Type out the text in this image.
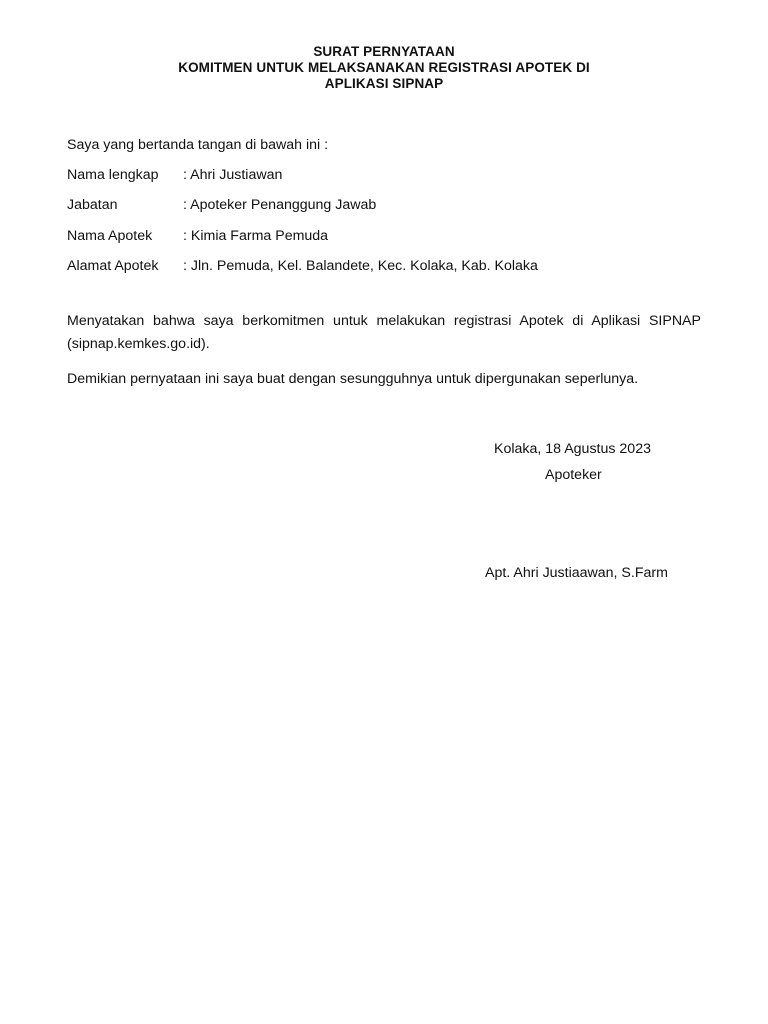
SURAT PERNYATAAN
KOMITMEN UNTUK MELAKSANAKAN REGISTRASI APOTEK DI
APLIKASI SIPNAP
Saya yang bertanda tangan di bawah ini :
Nama lengkap : Ahri Justiawan
Jabatan	: Apoteker Penanggung Jawab
Nama Apotek : Kimia Farma Pemuda
Alamat Apotek : Jln. Pemuda, Kel. Balandete, Kec. Kolaka, Kab. Kolaka
Menyatakan bahwa saya berkomitmen untuk melakukan registrasi Apotek di Aplikasi SIPNAP (sipnap.kemkes.go.id).
Demikian pernyataan ini saya buat dengan sesungguhnya untuk dipergunakan seperlunya.
Kolaka, 18 Agustus 2023
Apoteker
Apt. Ahri Justiaawan, S.Farm
